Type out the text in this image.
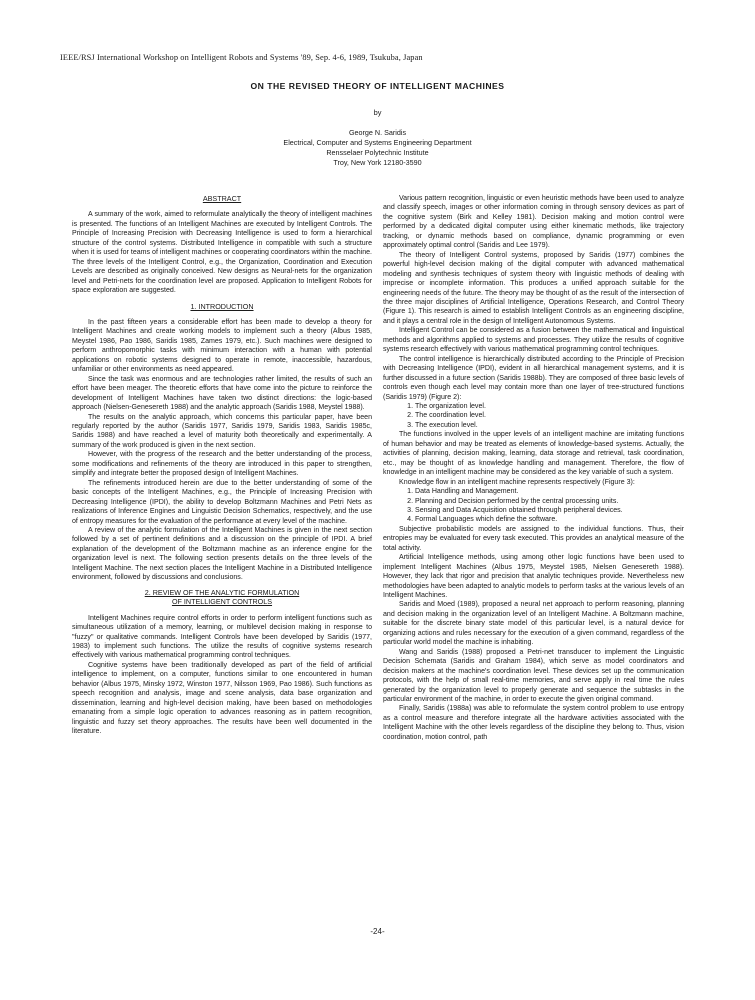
IEEE/RSJ International Workshop on Intelligent Robots and Systems '89, Sep. 4-6, 1989, Tsukuba, Japan
ON THE REVISED THEORY OF INTELLIGENT MACHINES
by
George N. Saridis
Electrical, Computer and Systems Engineering Department
Rensselaer Polytechnic Institute
Troy, New York 12180-3590
ABSTRACT

A summary of the work, aimed to reformulate analytically the theory of intelligent machines is presented. The functions of an Intelligent Machines are executed by Intelligent Controls. The Principle of Increasing Precision with Decreasing Intelligence is used to form a hierarchical structure of the control systems. Distributed Intelligence in compatible with such a structure when it is used for teams of intelligent machines or cooperating coordinators within the machine. The three levels of the Intelligent Control, e.g., the Organization, Coordination and Execution Levels are described as originally conceived. New designs as Neural-nets for the organization level and Petri-nets for the coordination level are proposed. Application to Intelligent Robots for space exploration are suggested.

1. INTRODUCTION

In the past fifteen years a considerable effort has been made to develop a theory for Intelligent Machines and create working models to implement such a theory (Albus 1985, Meystel 1986, Pao 1986, Saridis 1985, Zames 1979, etc.). Such machines were designed to perform anthropomorphic tasks with minimum interaction with a human with potential applications on robotic systems designed to operate in remote, inaccessible, hazardous, unfamiliar or other environments as need appeared.

Since the task was enormous and are technologies rather limited, the results of such an effort have been meager. The theoretic efforts that have come into the picture to reinforce the development of Intelligent Machines have taken two distinct directions: the logic-based approach (Nielsen-Genesereth 1988) and the analytic approach (Saridis 1988, Meystel 1988).

The results on the analytic approach, which concerns this particular paper, have been regularly reported by the author (Saridis 1977, Saridis 1979, Saridis 1983, Saridis 1985c, Saridis 1988) and have reached a level of maturity both theoretically and experimentally. A summary of the work produced is given in the next section.

However, with the progress of the research and the better understanding of the process, some modifications and refinements of the theory are introduced in this paper to strengthen, simplify and integrate better the proposed design of Intelligent Machines.

The refinements introduced herein are due to the better understanding of some of the basic concepts of the Intelligent Machines, e.g., the Principle of Increasing Precision with Decreasing Intelligence (IPDI), the ability to develop Boltzmann Machines and Petri Nets as realizations of Inference Engines and Linguistic Decision Schematics, respectively, and the use of entropy measures for the evaluation of the performance at every level of the machine.

A review of the analytic formulation of the Intelligent Machines is given in the next section followed by a set of pertinent definitions and a discussion on the principle of IPDI. A brief explanation of the development of the Boltzmann machine as an inference engine for the organization level is next. The following section presents details on the three levels of the Intelligent Machine. The next section places the Intelligent Machine in a Distributed Intelligence environment, followed by discussions and conclusions.

2. REVIEW OF THE ANALYTIC FORMULATION
OF INTELLIGENT CONTROLS

Intelligent Machines require control efforts in order to perform intelligent functions such as simultaneous utilization of a memory, learning, or multilevel decision making in response to "fuzzy" or qualitative commands. Intelligent Controls have been developed by Saridis (1977, 1983) to implement such functions. The utilize the results of cognitive systems research effectively with various mathematical programming control techniques.

Cognitive systems have been traditionally developed as part of the field of artificial intelligence to implement, on a computer, functions similar to one encountered in human behavior (Albus 1975, Minsky 1972, Winston 1977, Nilsson 1969, Pao 1986). Such functions as speech recognition and analysis, image and scene analysis, data base organization and dissemination, learning and high-level decision making, have been based on methodologies emanating from a simple logic operation to advances reasoning as in pattern recognition, linguistic and fuzzy set theory approaches. The results have been well documented in the literature.

Various pattern recognition, linguistic or even heuristic methods have been used to analyze and classify speech, images or other information coming in through sensory devices as part of the cognitive system (Birk and Kelley 1981). Decision making and motion control were performed by a dedicated digital computer using either kinematic methods, like trajectory tracking, or dynamic methods based on compliance, dynamic programming or even approximately optimal control (Saridis and Lee 1979).

The theory of Intelligent Control systems, proposed by Saridis (1977) combines the powerful high-level decision making of the digital computer with advanced mathematical modeling and synthesis techniques of system theory with linguistic methods of dealing with imprecise or incomplete information. This produces a unified approach suitable for the engineering needs of the future. The theory may be thought of as the result of the intersection of the three major disciplines of Artificial Intelligence, Operations Research, and Control Theory (Figure 1). This research is aimed to establish Intelligent Controls as an engineering discipline, and it plays a central role in the design of Intelligent Autonomous Systems.

Intelligent Control can be considered as a fusion between the mathematical and linguistical methods and algorithms applied to systems and processes. They utilize the results of cognitive systems research effectively with various mathematical programming control techniques.

The control intelligence is hierarchically distributed according to the Principle of Precision with Decreasing Intelligence (IPDI), evident in all hierarchical management systems, and it is further discussed in a future section (Saridis 1988b). They are composed of three basic levels of controls even though each level may contain more than one layer of tree-structured functions (Saridis 1979) (Figure 2):

1. The organization level.
2. The coordination level.
3. The execution level.

The functions involved in the upper levels of an intelligent machine are imitating functions of human behavior and may be treated as elements of knowledge-based systems. Actually, the activities of planning, decision making, learning, data storage and retrieval, task coordination, etc., may be thought of as knowledge handling and management. Therefore, the flow of knowledge in an intelligent machine may be considered as the key variable of such a system.

Knowledge flow in an intelligent machine represents respectively (Figure 3):

1. Data Handling and Management.
2. Planning and Decision performed by the central processing units.
3. Sensing and Data Acquisition obtained through peripheral devices.
4. Formal Languages which define the software.

Subjective probabilistic models are assigned to the individual functions. Thus, their entropies may be evaluated for every task executed. This provides an analytical measure of the total activity.

Artificial Intelligence methods, using among other logic functions have been used to implement Intelligent Machines (Albus 1975, Meystel 1985, Nielsen Genesereth 1988). However, they lack that rigor and precision that analytic techniques provide. Nevertheless new methodologies have been adapted to analytic models to perform tasks at the various levels of an Intelligent Machines.

Saridis and Moed (1989), proposed a neural net approach to perform reasoning, planning and decision making in the organization level of an Intelligent Machine. A Boltzmann machine, suitable for the discrete binary state model of this particular level, is a natural device for organizing actions and rules necessary for the execution of a given command, regardless of the particular world model the machine is inhabiting.

Wang and Saridis (1988) proposed a Petri-net transducer to implement the Linguistic Decision Schemata (Saridis and Graham 1984), which serve as model coordinators and decision makers at the machine's coordination level. These devices set up the communication protocols, with the help of small real-time memories, and serve apply in real time the rules generated by the organization level to properly generate and sequence the subtasks in the particular environment of the machine, in order to execute the given original command.

Finally, Saridis (1988a) was able to reformulate the system control problem to use entropy as a control measure and therefore integrate all the hardware activities associated with the Intelligent Machine with the other levels regardless of the discipline they belong to. Thus, vision coordination, motion control, path

-24-
